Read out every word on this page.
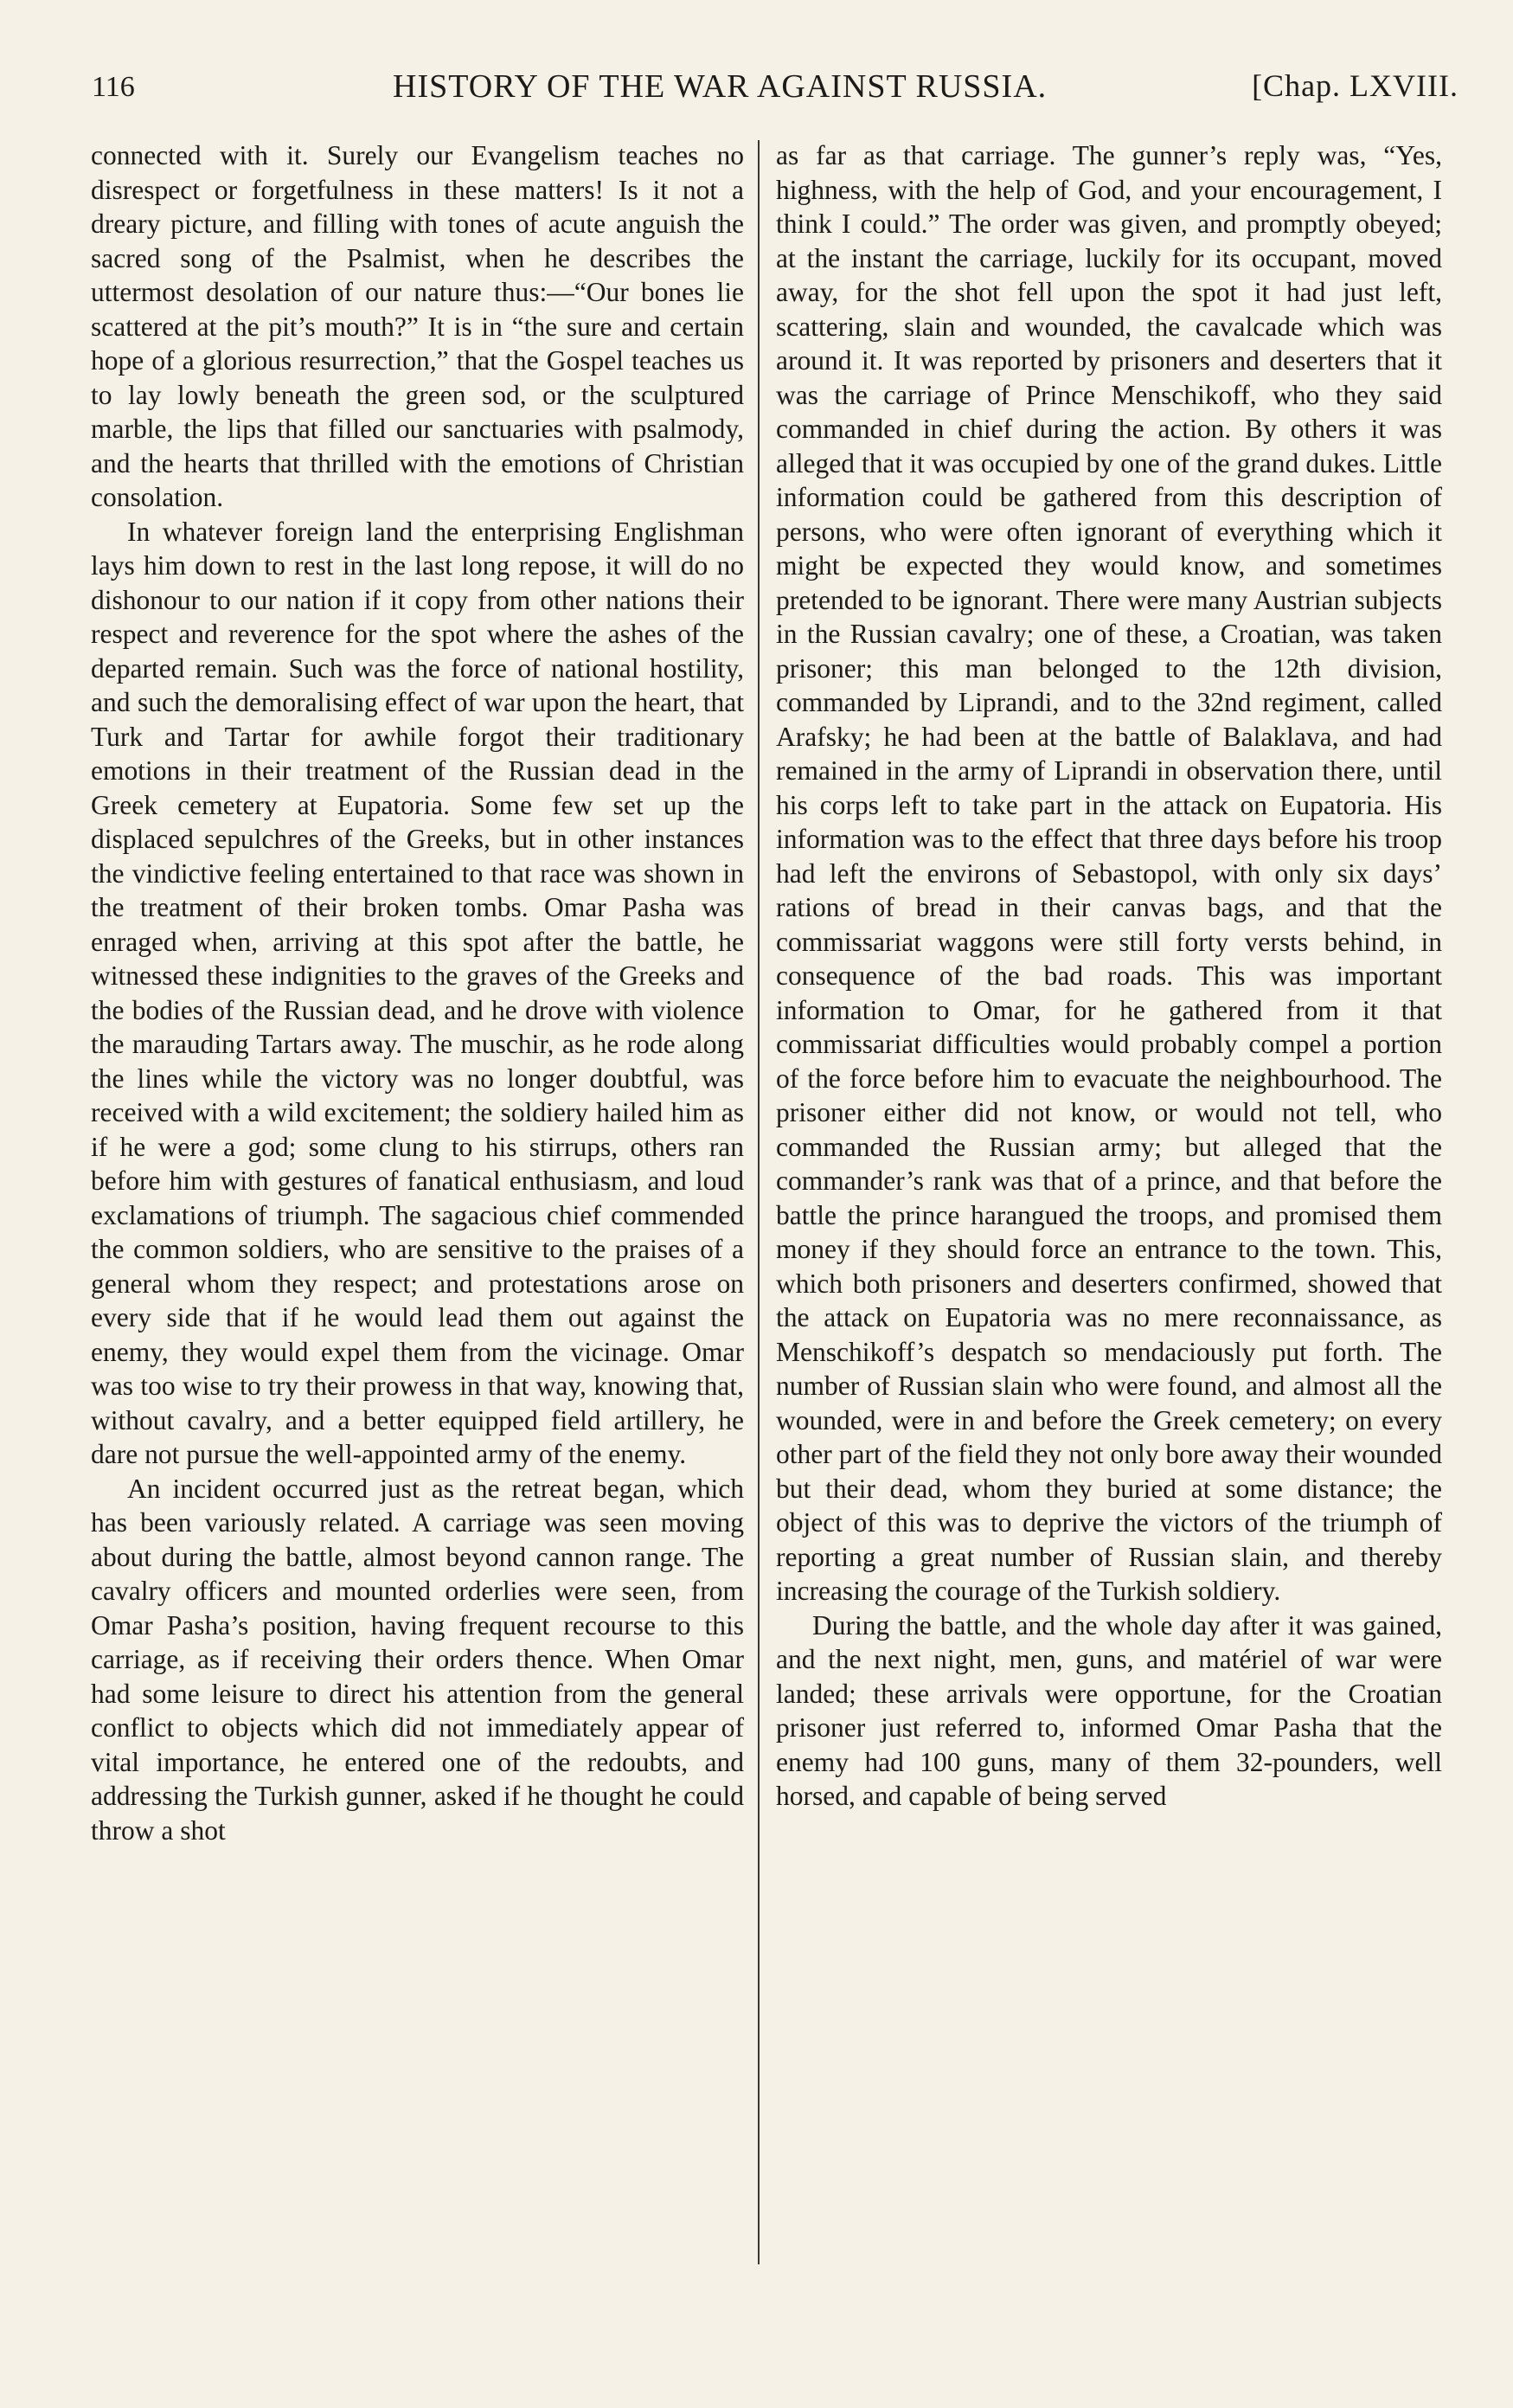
116	HISTORY OF THE WAR AGAINST RUSSIA.	[Chap. LXVIII.

connected with it. Surely our Evangelism teaches no disrespect or forgetfulness in these matters! Is it not a dreary picture, and filling with tones of acute anguish the sacred song of the Psalmist, when he describes the uttermost desolation of our nature thus:—“Our bones lie scattered at the pit’s mouth?” It is in “the sure and certain hope of a glorious resurrection,” that the Gospel teaches us to lay lowly beneath the green sod, or the sculptured marble, the lips that filled our sanctuaries with psalmody, and the hearts that thrilled with the emotions of Christian consolation.

In whatever foreign land the enterprising Englishman lays him down to rest in the last long repose, it will do no dishonour to our nation if it copy from other nations their respect and reverence for the spot where the ashes of the departed remain. Such was the force of national hostility, and such the demoralising effect of war upon the heart, that Turk and Tartar for awhile forgot their traditionary emotions in their treatment of the Russian dead in the Greek cemetery at Eupatoria. Some few set up the displaced sepulchres of the Greeks, but in other instances the vindictive feeling entertained to that race was shown in the treatment of their broken tombs. Omar Pasha was enraged when, arriving at this spot after the battle, he witnessed these indignities to the graves of the Greeks and the bodies of the Russian dead, and he drove with violence the marauding Tartars away. The muschir, as he rode along the lines while the victory was no longer doubtful, was received with a wild excitement; the soldiery hailed him as if he were a god; some clung to his stirrups, others ran before him with gestures of fanatical enthusiasm, and loud exclamations of triumph. The sagacious chief commended the common soldiers, who are sensitive to the praises of a general whom they respect; and protestations arose on every side that if he would lead them out against the enemy, they would expel them from the vicinage. Omar was too wise to try their prowess in that way, knowing that, without cavalry, and a better equipped field artillery, he dare not pursue the well-appointed army of the enemy.

An incident occurred just as the retreat began, which has been variously related. A carriage was seen moving about during the battle, almost beyond cannon range. The cavalry officers and mounted orderlies were seen, from Omar Pasha’s position, having frequent recourse to this carriage, as if receiving their orders thence. When Omar had some leisure to direct his attention from the general conflict to objects which did not immediately appear of vital importance, he entered one of the redoubts, and addressing the Turkish gunner, asked if he thought he could throw a shot

as far as that carriage. The gunner’s reply was, “Yes, highness, with the help of God, and your encouragement, I think I could.” The order was given, and promptly obeyed; at the instant the carriage, luckily for its occupant, moved away, for the shot fell upon the spot it had just left, scattering, slain and wounded, the cavalcade which was around it. It was reported by prisoners and deserters that it was the carriage of Prince Menschikoff, who they said commanded in chief during the action. By others it was alleged that it was occupied by one of the grand dukes. Little information could be gathered from this description of persons, who were often ignorant of everything which it might be expected they would know, and sometimes pretended to be ignorant. There were many Austrian subjects in the Russian cavalry; one of these, a Croatian, was taken prisoner; this man belonged to the 12th division, commanded by Liprandi, and to the 32nd regiment, called Arafsky; he had been at the battle of Balaklava, and had remained in the army of Liprandi in observation there, until his corps left to take part in the attack on Eupatoria. His information was to the effect that three days before his troop had left the environs of Sebastopol, with only six days’ rations of bread in their canvas bags, and that the commissariat waggons were still forty versts behind, in consequence of the bad roads. This was important information to Omar, for he gathered from it that commissariat difficulties would probably compel a portion of the force before him to evacuate the neighbourhood. The prisoner either did not know, or would not tell, who commanded the Russian army; but alleged that the commander’s rank was that of a prince, and that before the battle the prince harangued the troops, and promised them money if they should force an entrance to the town. This, which both prisoners and deserters confirmed, showed that the attack on Eupatoria was no mere reconnaissance, as Menschikoff’s despatch so mendaciously put forth. The number of Russian slain who were found, and almost all the wounded, were in and before the Greek cemetery; on every other part of the field they not only bore away their wounded but their dead, whom they buried at some distance; the object of this was to deprive the victors of the triumph of reporting a great number of Russian slain, and thereby increasing the courage of the Turkish soldiery.

During the battle, and the whole day after it was gained, and the next night, men, guns, and matériel of war were landed; these arrivals were opportune, for the Croatian prisoner just referred to, informed Omar Pasha that the enemy had 100 guns, many of them 32-pounders, well horsed, and capable of being served
